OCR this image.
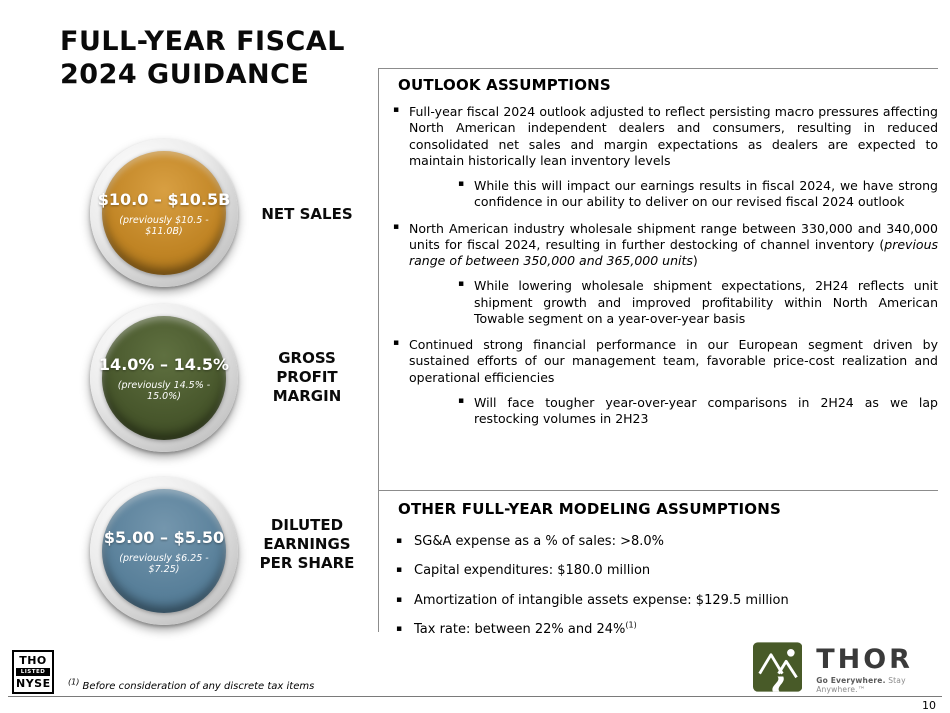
FULL-YEAR FISCAL
2024 GUIDANCE
$10.0 – $10.5B
(previously $10.5 - $11.0B)
NET SALES
14.0% – 14.5%
(previously 14.5% - 15.0%)
GROSS PROFIT MARGIN
$5.00 – $5.50
(previously $6.25 - $7.25)
DILUTED EARNINGS PER SHARE
OUTLOOK ASSUMPTIONS
▪ Full-year fiscal 2024 outlook adjusted to reflect persisting macro pressures affecting North American independent dealers and consumers, resulting in reduced consolidated net sales and margin expectations as dealers are expected to maintain historically lean inventory levels
▪ While this will impact our earnings results in fiscal 2024, we have strong confidence in our ability to deliver on our revised fiscal 2024 outlook
▪ North American industry wholesale shipment range between 330,000 and 340,000 units for fiscal 2024, resulting in further destocking of channel inventory (previous range of between 350,000 and 365,000 units)
▪ While lowering wholesale shipment expectations, 2H24 reflects unit shipment growth and improved profitability within North American Towable segment on a year-over-year basis
▪ Continued strong financial performance in our European segment driven by sustained efforts of our management team, favorable price-cost realization and operational efficiencies
▪ Will face tougher year-over-year comparisons in 2H24 as we lap restocking volumes in 2H23
OTHER FULL-YEAR MODELING ASSUMPTIONS
▪ SG&A expense as a % of sales: >8.0%
▪ Capital expenditures: $180.0 million
▪ Amortization of intangible assets expense: $129.5 million
▪ Tax rate: between 22% and 24%$^{(1)}$
THO
LISTED
NYSE $^{(1)}$ Before consideration of any discrete tax items
THOR
Go Everywhere. Stay Anywhere.™
10
